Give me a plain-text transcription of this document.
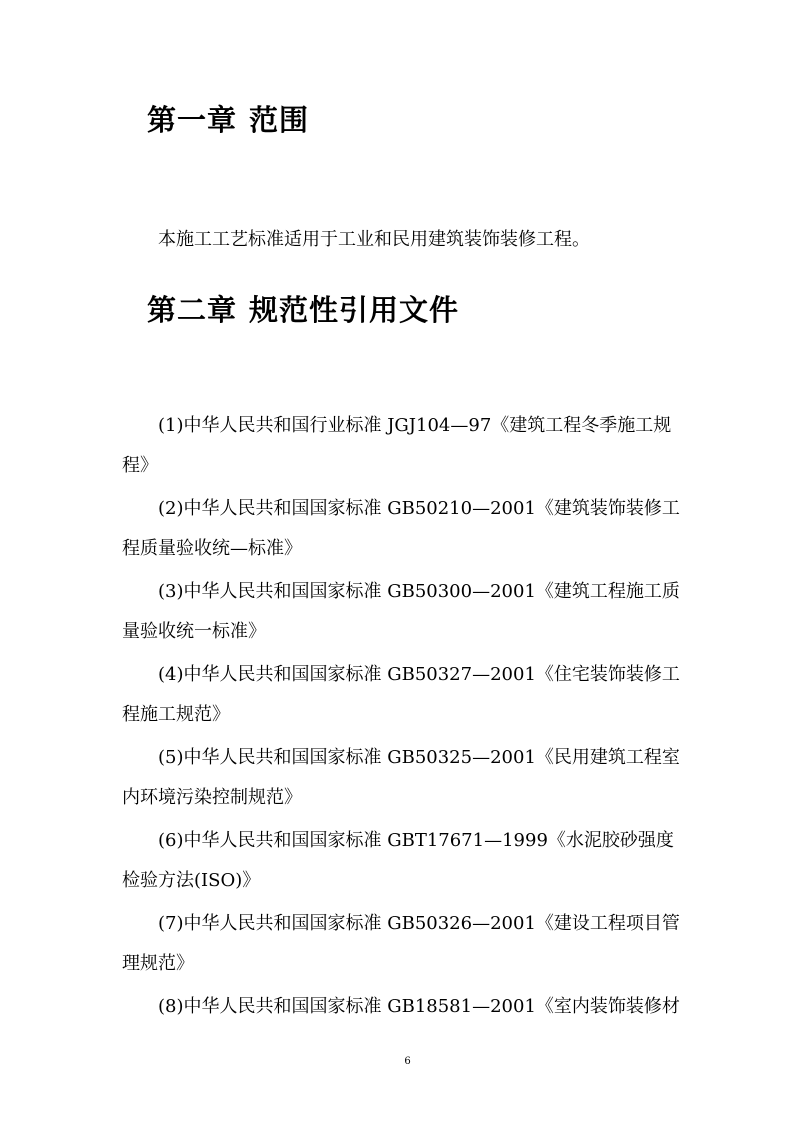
第一章 范围
本施工工艺标准适用于工业和民用建筑装饰装修工程。
第二章 规范性引用文件
(1)中华人民共和国行业标准 JGJ104—97《建筑工程冬季施工规
程》
(2)中华人民共和国国家标准 GB50210—2001《建筑装饰装修工
程质量验收统—标准》
(3)中华人民共和国国家标准 GB50300—2001《建筑工程施工质
量验收统一标准》
(4)中华人民共和国国家标准 GB50327—2001《住宅装饰装修工
程施工规范》
(5)中华人民共和国国家标准 GB50325—2001《民用建筑工程室
内环境污染控制规范》
(6)中华人民共和国国家标准 GBT17671—1999《水泥胶砂强度
检验方法(ISO)》
(7)中华人民共和国国家标准 GB50326—2001《建设工程项目管
理规范》
(8)中华人民共和国国家标准 GB18581—2001《室内装饰装修材
6
